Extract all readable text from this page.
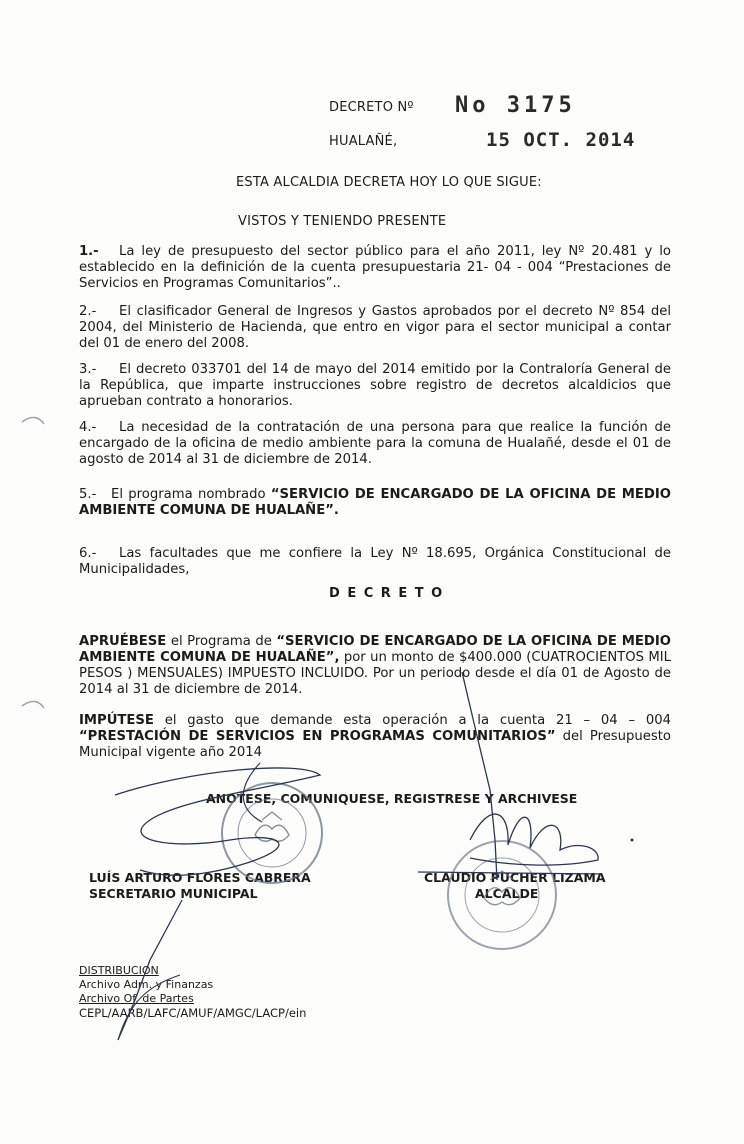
DECRETO Nº No 3175
HUALAÑÉ,	15 OCT. 2014
ESTA ALCALDIA DECRETA HOY LO QUE SIGUE:
VISTOS Y TENIENDO PRESENTE
1.- La ley de presupuesto del sector público para el año 2011, ley Nº 20.481 y lo establecido en la definición de la cuenta presupuestaria 21- 04 - 004 “Prestaciones de Servicios en Programas Comunitarios”..
2.- El clasificador General de Ingresos y Gastos aprobados por el decreto Nº 854 del 2004, del Ministerio de Hacienda, que entro en vigor para el sector municipal a contar del 01 de enero del 2008.
3.- El decreto 033701 del 14 de mayo del 2014 emitido por la Contraloría General de la República, que imparte instrucciones sobre registro de decretos alcaldicios que aprueban contrato a honorarios.
4.- La necesidad de la contratación de una persona para que realice la función de encargado de la oficina de medio ambiente para la comuna de Hualañé, desde el 01 de agosto de 2014 al 31 de diciembre de 2014.
5.- El programa nombrado “SERVICIO DE ENCARGADO DE LA OFICINA DE MEDIO AMBIENTE COMUNA DE HUALAÑE”.
6.- Las facultades que me confiere la Ley Nº 18.695, Orgánica Constitucional de Municipalidades,
D E C R E T O
APRUÉBESE el Programa de “SERVICIO DE ENCARGADO DE LA OFICINA DE MEDIO AMBIENTE COMUNA DE HUALAÑE”, por un monto de $400.000 (CUATROCIENTOS MIL PESOS ) MENSUALES) IMPUESTO INCLUIDO. Por un periodo desde el día 01 de Agosto de 2014 al 31 de diciembre de 2014.
IMPÚTESE el gasto que demande esta operación a la cuenta 21 – 04 – 004 “PRESTACIÓN DE SERVICIOS EN PROGRAMAS COMUNITARIOS” del Presupuesto Municipal vigente año 2014
ANOTESE, COMUNIQUESE, REGISTRESE Y ARCHIVESE
LUÍS ARTURO FLORES CABRERA
SECRETARIO MUNICIPAL
CLAUDIO PUCHER LIZAMA
ALCALDE
DISTRIBUCION
Archivo Adm. y Finanzas
Archivo Of. de Partes
CEPL/AARB/LAFC/AMUF/AMGC/LACP/ein
